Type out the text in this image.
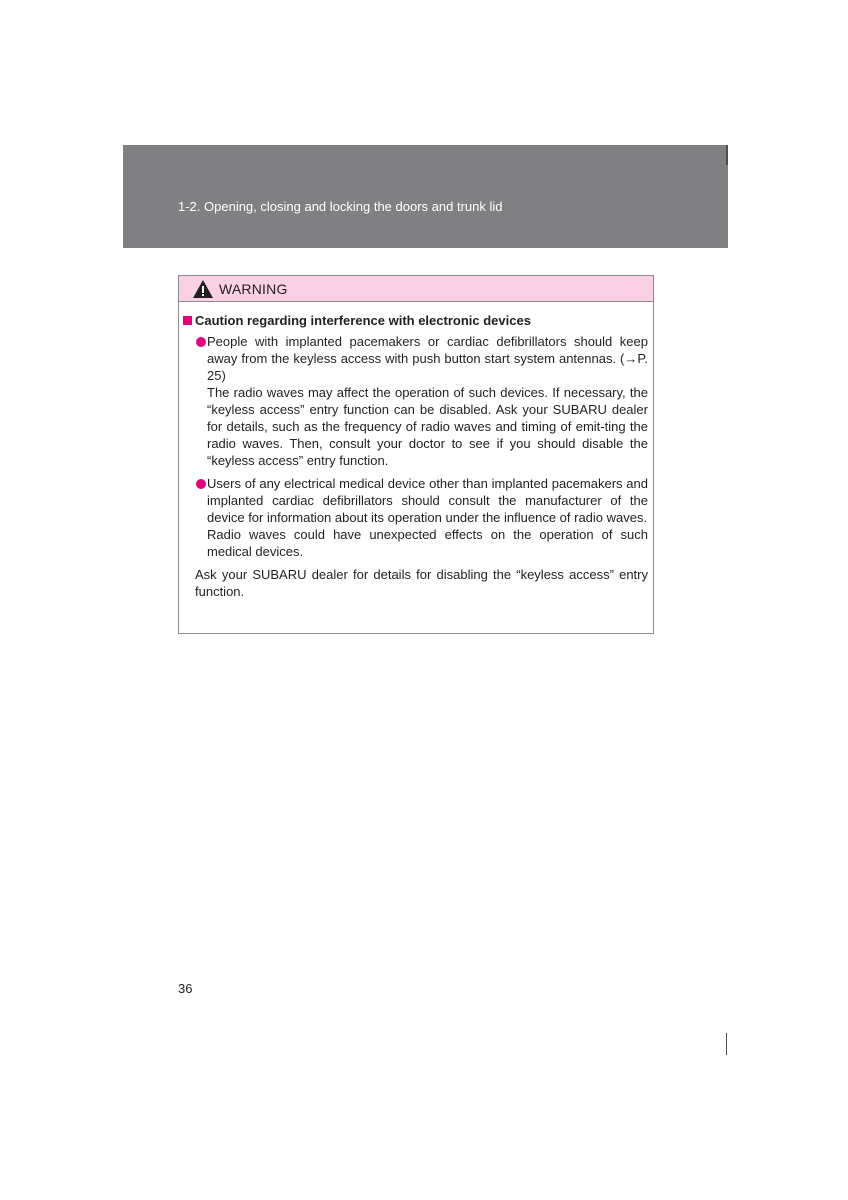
1-2. Opening, closing and locking the doors and trunk lid
WARNING
Caution regarding interference with electronic devices

People with implanted pacemakers or cardiac defibrillators should keep away from the keyless access with push button start system antennas. (→P. 25)

The radio waves may affect the operation of such devices. If necessary, the “keyless access” entry function can be disabled. Ask your SUBARU dealer for details, such as the frequency of radio waves and timing of emit-ting the radio waves. Then, consult your doctor to see if you should disable the “keyless access” entry function.

Users of any electrical medical device other than implanted pacemakers and implanted cardiac defibrillators should consult the manufacturer of the device for information about its operation under the influence of radio waves.

Radio waves could have unexpected effects on the operation of such medical devices.

Ask your SUBARU dealer for details for disabling the “keyless access” entry function.

36
